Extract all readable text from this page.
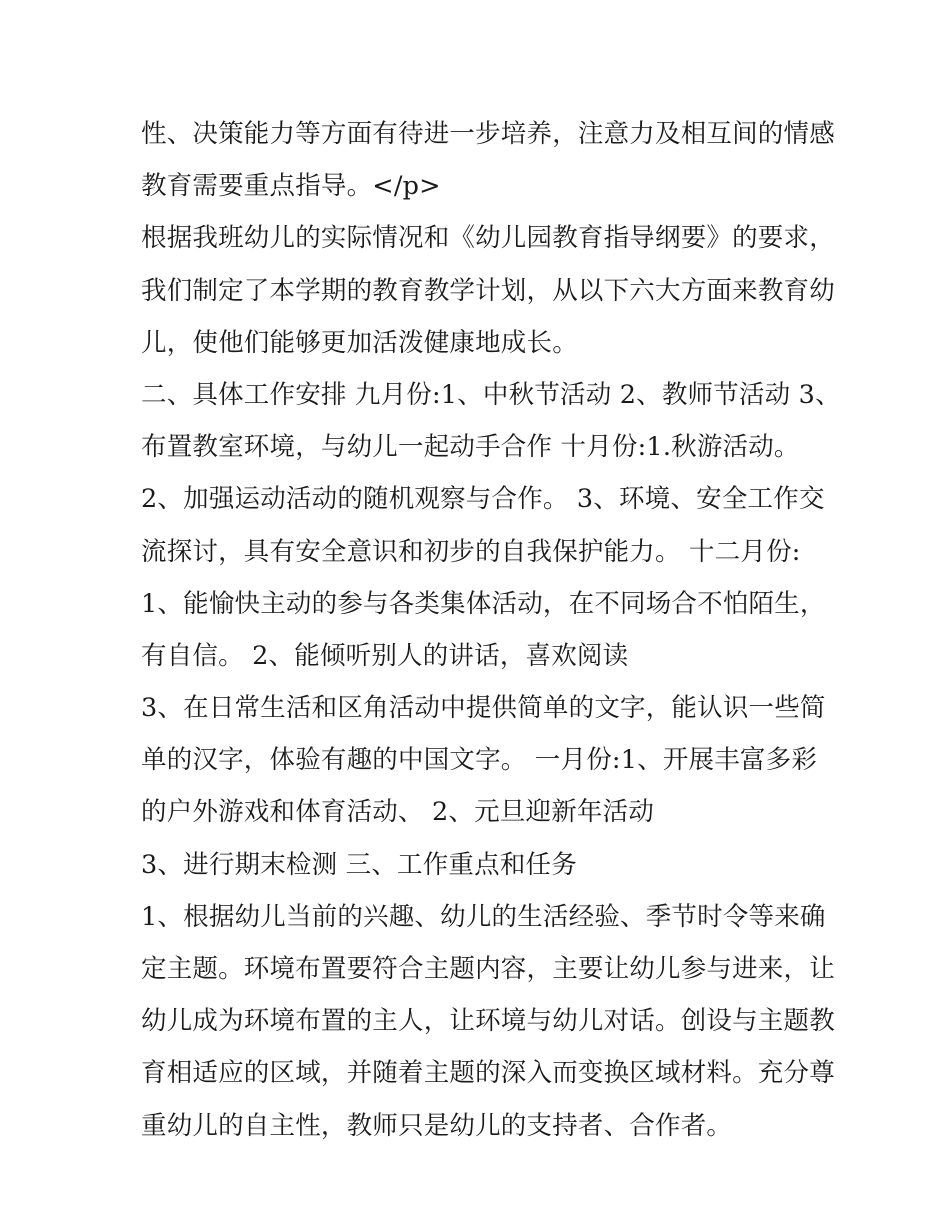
性、决策能力等方面有待进一步培养，注意力及相互间的情感
教育需要重点指导。</p>
根据我班幼儿的实际情况和《幼儿园教育指导纲要》的要求，
我们制定了本学期的教育教学计划，从以下六大方面来教育幼
儿，使他们能够更加活泼健康地成长。
二、具体工作安排 九月份:1、中秋节活动 2、教师节活动 3、
布置教室环境，与幼儿一起动手合作 十月份:1.秋游活动。
2、加强运动活动的随机观察与合作。 3、环境、安全工作交
流探讨，具有安全意识和初步的自我保护能力。 十二月份:
1、能愉快主动的参与各类集体活动，在不同场合不怕陌生，
有自信。 2、能倾听别人的讲话，喜欢阅读
3、在日常生活和区角活动中提供简单的文字，能认识一些简
单的汉字，体验有趣的中国文字。 一月份:1、开展丰富多彩
的户外游戏和体育活动、 2、元旦迎新年活动
3、进行期末检测 三、工作重点和任务
1、根据幼儿当前的兴趣、幼儿的生活经验、季节时令等来确
定主题。环境布置要符合主题内容，主要让幼儿参与进来，让
幼儿成为环境布置的主人，让环境与幼儿对话。创设与主题教
育相适应的区域，并随着主题的深入而变换区域材料。充分尊
重幼儿的自主性，教师只是幼儿的支持者、合作者。
